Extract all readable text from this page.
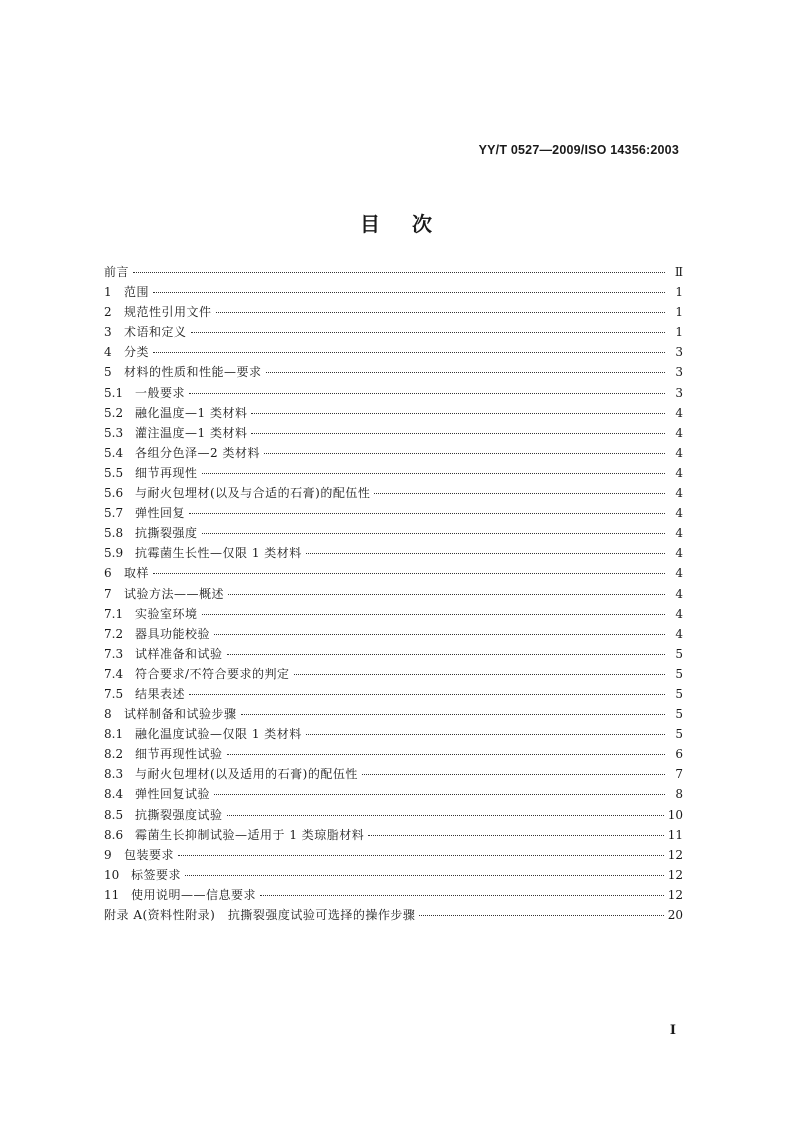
YY/T 0527—2009/ISO 14356:2003
目 次
前言	Ⅱ
1	范围	1
2	规范性引用文件	1
3	术语和定义	1
4	分类	3
5	材料的性质和性能—要求	3
5.1 一般要求	3
5.2 融化温度—1 类材料	4
5.3 灌注温度—1 类材料	4
5.4 各组分色泽—2 类材料	4
5.5 细节再现性	4
5.6 与耐火包埋材(以及与合适的石膏)的配伍性	4
5.7 弹性回复	4
5.8 抗撕裂强度	4
5.9 抗霉菌生长性—仅限 1 类材料	4
6	取样	4
7	试验方法——概述	4
7.1 实验室环境	4
7.2 器具功能校验	4
7.3 试样准备和试验	5
7.4 符合要求/不符合要求的判定	5
7.5 结果表述	5
8	试样制备和试验步骤	5
8.1 融化温度试验—仅限 1 类材料	5
8.2 细节再现性试验	6
8.3 与耐火包埋材(以及适用的石膏)的配伍性	7
8.4 弹性回复试验	8
8.5 抗撕裂强度试验	10
8.6 霉菌生长抑制试验—适用于 1 类琼脂材料	11
9	包装要求	12
10 标签要求	12
11 使用说明——信息要求	12
附录 A(资料性附录)　抗撕裂强度试验可选择的操作步骤	20
I
